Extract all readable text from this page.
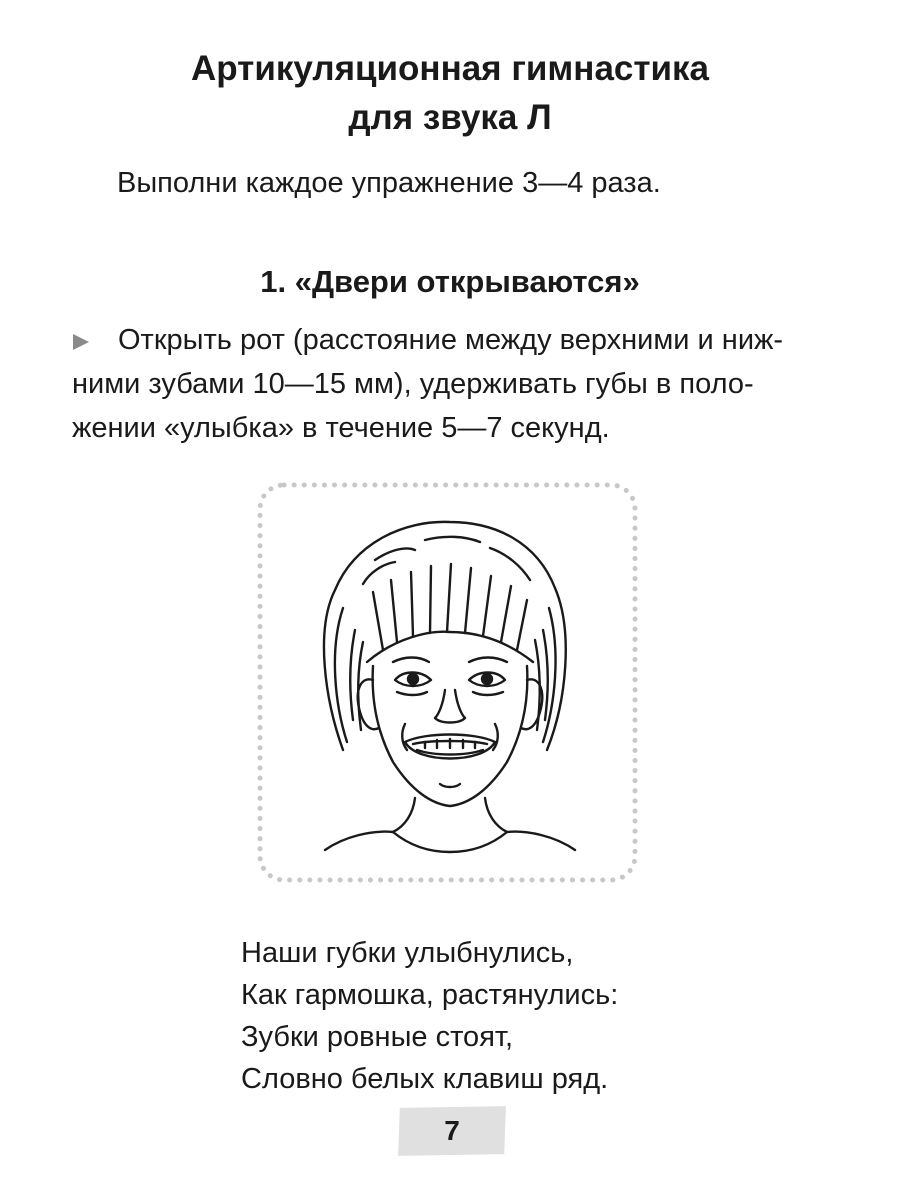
Артикуляционная гимнастика
для звука Л

Выполни каждое упражнение 3—4 раза.

1. «Двери открываются»

Открыть рот (расстояние между верхними и ниж-
ними зубами 10—15 мм), удерживать губы в поло-
жении «улыбка» в течение 5—7 секунд.

Наши губки улыбнулись,
Как гармошка, растянулись:
Зубки ровные стоят,
Словно белых клавиш ряд.
7
